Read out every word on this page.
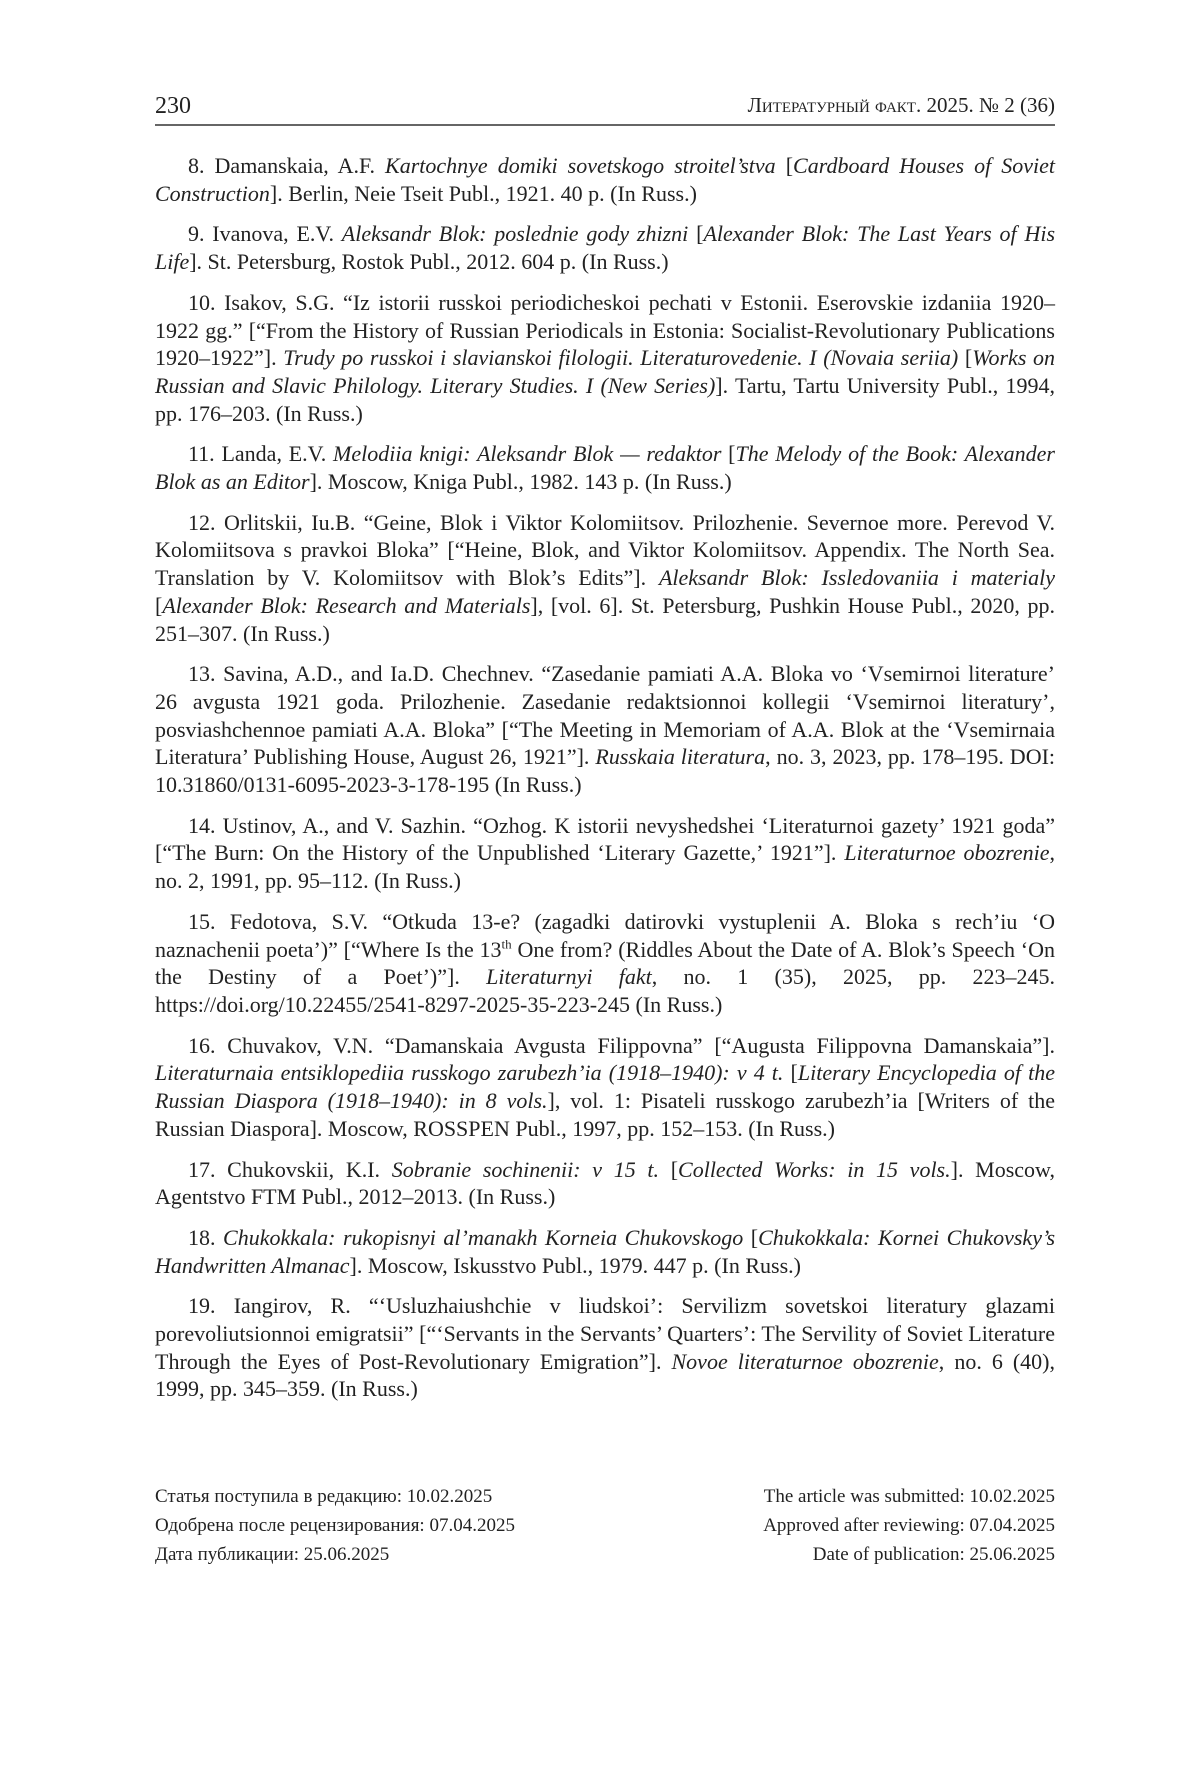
230	Литературный факт. 2025. № 2 (36)

8. Damanskaia, A.F. Kartochnye domiki sovetskogo stroitel’stva [Cardboard Houses of Soviet Construction]. Berlin, Neie Tseit Publ., 1921. 40 p. (In Russ.)

9. Ivanova, E.V. Aleksandr Blok: poslednie gody zhizni [Alexander Blok: The Last Years of His Life]. St. Petersburg, Rostok Publ., 2012. 604 p. (In Russ.)

10. Isakov, S.G. “Iz istorii russkoi periodicheskoi pechati v Estonii. Eserovskie izdaniia 1920–1922 gg.” [“From the History of Russian Periodicals in Estonia: Socialist-Revolutionary Publications 1920–1922”]. Trudy po russkoi i slavianskoi filologii. Literaturovedenie. I (Novaia seriia) [Works on Russian and Slavic Philology. Literary Studies. I (New Series)]. Tartu, Tartu University Publ., 1994, pp. 176–203. (In Russ.)

11. Landa, E.V. Melodiia knigi: Aleksandr Blok — redaktor [The Melody of the Book: Alexander Blok as an Editor]. Moscow, Kniga Publ., 1982. 143 p. (In Russ.)

12. Orlitskii, Iu.B. “Geine, Blok i Viktor Kolomiitsov. Prilozhenie. Severnoe more. Perevod V. Kolomiitsova s pravkoi Bloka” [“Heine, Blok, and Viktor Kolomiitsov. Appendix. The North Sea. Translation by V. Kolomiitsov with Blok’s Edits”]. Aleksandr Blok: Issledovaniia i materialy [Alexander Blok: Research and Materials], [vol. 6]. St. Petersburg, Pushkin House Publ., 2020, pp. 251–307. (In Russ.)

13. Savina, A.D., and Ia.D. Chechnev. “Zasedanie pamiati A.A. Bloka vo ‘Vsemirnoi literature’ 26 avgusta 1921 goda. Prilozhenie. Zasedanie redaktsionnoi kollegii ‘Vsemirnoi literatury’, posviashchennoe pamiati A.A. Bloka” [“The Meeting in Memoriam of A.A. Blok at the ‘Vsemirnaia Literatura’ Publishing House, August 26, 1921”]. Russkaia literatura, no. 3, 2023, pp. 178–195. DOI: 10.31860/0131-6095-2023-3-178-195 (In Russ.)

14. Ustinov, A., and V. Sazhin. “Ozhog. K istorii nevyshedshei ‘Literaturnoi gazety’ 1921 goda” [“The Burn: On the History of the Unpublished ‘Literary Gazette,’ 1921”]. Literaturnoe obozrenie, no. 2, 1991, pp. 95–112. (In Russ.)

15. Fedotova, S.V. “Otkuda 13-e? (zagadki datirovki vystuplenii A. Bloka s rech’iu ‘O naznachenii poeta’)” [“Where Is the 13th One from? (Riddles About the Date of A. Blok’s Speech ‘On the Destiny of a Poet’)”]. Literaturnyi fakt, no. 1 (35), 2025, pp. 223–245. https://doi.org/10.22455/2541-8297-2025-35-223-245 (In Russ.)

16. Chuvakov, V.N. “Damanskaia Avgusta Filippovna” [“Augusta Filippovna Damanskaia”]. Literaturnaia entsiklopediia russkogo zarubezh’ia (1918–1940): v 4 t. [Literary Encyclopedia of the Russian Diaspora (1918–1940): in 8 vols.], vol. 1: Pisateli russkogo zarubezh’ia [Writers of the Russian Diaspora]. Moscow, ROSSPEN Publ., 1997, pp. 152–153. (In Russ.)

17. Chukovskii, K.I. Sobranie sochinenii: v 15 t. [Collected Works: in 15 vols.]. Moscow, Agentstvo FTM Publ., 2012–2013. (In Russ.)

18. Chukokkala: rukopisnyi al’manakh Korneia Chukovskogo [Chukokkala: Kornei Chukovsky’s Handwritten Almanac]. Moscow, Iskusstvo Publ., 1979. 447 p. (In Russ.)

19. Iangirov, R. “‘Usluzhaiushchie v liudskoi’: Servilizm sovetskoi literatury glazami porevoliutsionnoi emigratsii” [“‘Servants in the Servants’ Quarters’: The Servility of Soviet Literature Through the Eyes of Post-Revolutionary Emigration”]. Novoe literaturnoe obozrenie, no. 6 (40), 1999, pp. 345–359. (In Russ.)

Статья поступила в редакцию: 10.02.2025
Одобрена после рецензирования: 07.04.2025
Дата публикации: 25.06.2025
The article was submitted: 10.02.2025
Approved after reviewing: 07.04.2025
Date of publication: 25.06.2025
